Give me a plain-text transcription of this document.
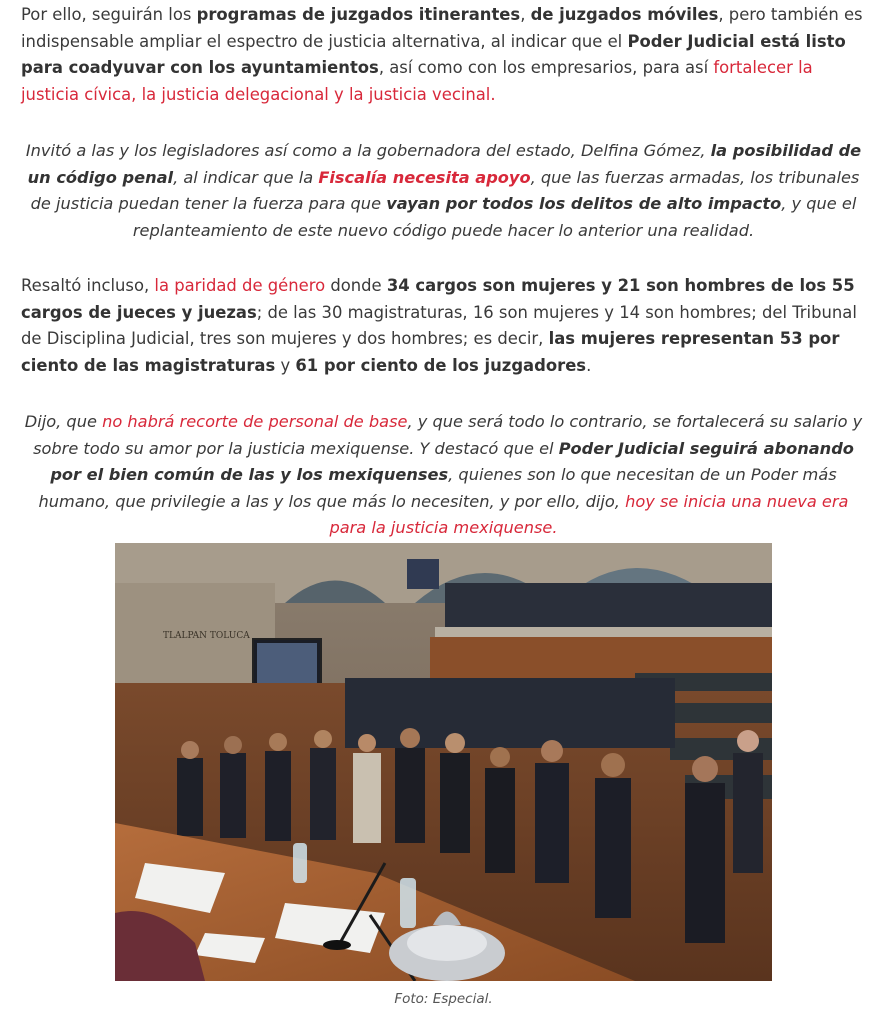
Por ello, seguirán los programas de juzgados itinerantes, de juzgados móviles, pero también es indispensable ampliar el espectro de justicia alternativa, al indicar que el Poder Judicial está listo para coadyuvar con los ayuntamientos, así como con los empresarios, para así fortalecer la justicia cívica, la justicia delegacional y la justicia vecinal.

Invitó a las y los legisladores así como a la gobernadora del estado, Delfina Gómez, la posibilidad de un código penal, al indicar que la Fiscalía necesita apoyo, que las fuerzas armadas, los tribunales de justicia puedan tener la fuerza para que vayan por todos los delitos de alto impacto, y que el replanteamiento de este nuevo código puede hacer lo anterior una realidad.

Resaltó incluso, la paridad de género donde 34 cargos son mujeres y 21 son hombres de los 55 cargos de jueces y juezas; de las 30 magistraturas, 16 son mujeres y 14 son hombres; del Tribunal de Disciplina Judicial, tres son mujeres y dos hombres; es decir, las mujeres representan 53 por ciento de las magistraturas y 61 por ciento de los juzgadores.

Dijo, que no habrá recorte de personal de base, y que será todo lo contrario, se fortalecerá su salario y sobre todo su amor por la justicia mexiquense. Y destacó que el Poder Judicial seguirá abonando por el bien común de las y los mexiquenses, quienes son lo que necesitan de un Poder más humano, que privilegie a las y los que más lo necesiten, y por ello, dijo, hoy se inicia una nueva era para la justicia mexiquense.

TLALPAN TOLUCA
Foto: Especial.
